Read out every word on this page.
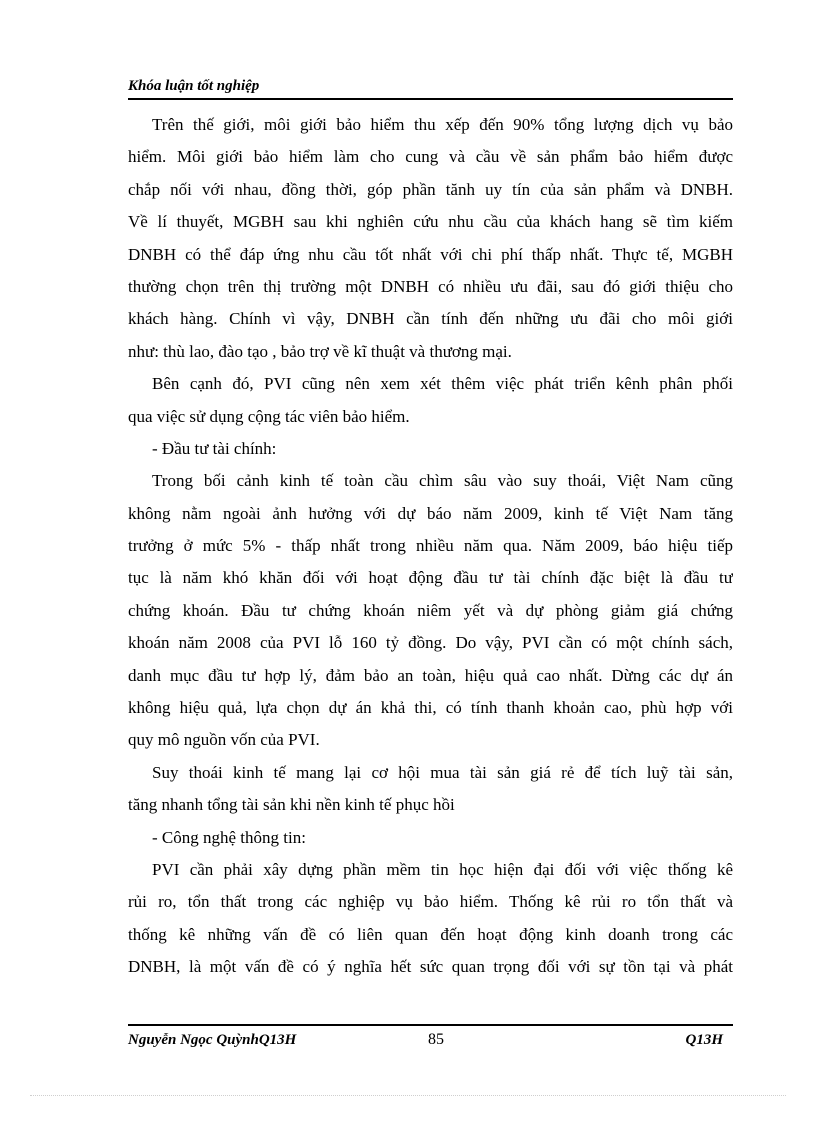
Khóa luận tốt nghiệp
Trên thế giới, môi giới bảo hiểm thu xếp đến 90% tổng lượng dịch vụ bảo
hiểm. Môi giới bảo hiểm làm cho cung và cầu về sản phẩm bảo hiểm được
chắp nối với nhau, đồng thời, góp phần tănh uy tín của sản phẩm và DNBH.
Về lí thuyết, MGBH sau khi nghiên cứu nhu cầu của khách hang sẽ tìm kiếm
DNBH có thể đáp ứng nhu cầu tốt nhất với chi phí thấp nhất. Thực tế, MGBH
thường chọn trên thị trường một DNBH có nhiều ưu đãi, sau đó giới thiệu cho
khách hàng. Chính vì vậy, DNBH cần tính đến những ưu đãi cho môi giới
như: thù lao, đào tạo , bảo trợ về kĩ thuật và thương mại.
Bên cạnh đó, PVI cũng nên xem xét thêm việc phát triển kênh phân phối
qua việc sử dụng cộng tác viên bảo hiểm.
- Đầu tư tài chính:
Trong bối cảnh kinh tế toàn cầu chìm sâu vào suy thoái, Việt Nam cũng
không nằm ngoài ảnh hưởng với dự báo năm 2009, kinh tế Việt Nam tăng
trưởng ở mức 5% - thấp nhất trong nhiều năm qua. Năm 2009, báo hiệu tiếp
tục là năm khó khăn đối với hoạt động đầu tư tài chính đặc biệt là đầu tư
chứng khoán. Đầu tư chứng khoán niêm yết và dự phòng giảm giá chứng
khoán năm 2008 của PVI lỗ 160 tỷ đồng. Do vậy, PVI cần có một chính sách,
danh mục đầu tư hợp lý, đảm bảo an toàn, hiệu quả cao nhất. Dừng các dự án
không hiệu quả, lựa chọn dự án khả thi, có tính thanh khoản cao, phù hợp với
quy mô nguồn vốn của PVI.
Suy thoái kinh tế mang lại cơ hội mua tài sản giá rẻ để tích luỹ tài sản,
tăng nhanh tổng tài sản khi nền kinh tế phục hồi
- Công nghệ thông tin:
PVI cần phải xây dựng phần mềm tin học hiện đại đối với việc thống kê
rủi ro, tổn thất trong các nghiệp vụ bảo hiểm. Thống kê rủi ro tổn thất và
thống kê những vấn đề có liên quan đến hoạt động kinh doanh trong các
DNBH, là một vấn đề có ý nghĩa hết sức quan trọng đối với sự tồn tại và phát
Nguyễn Ngọc QuỳnhQ13H	85	Q13H
